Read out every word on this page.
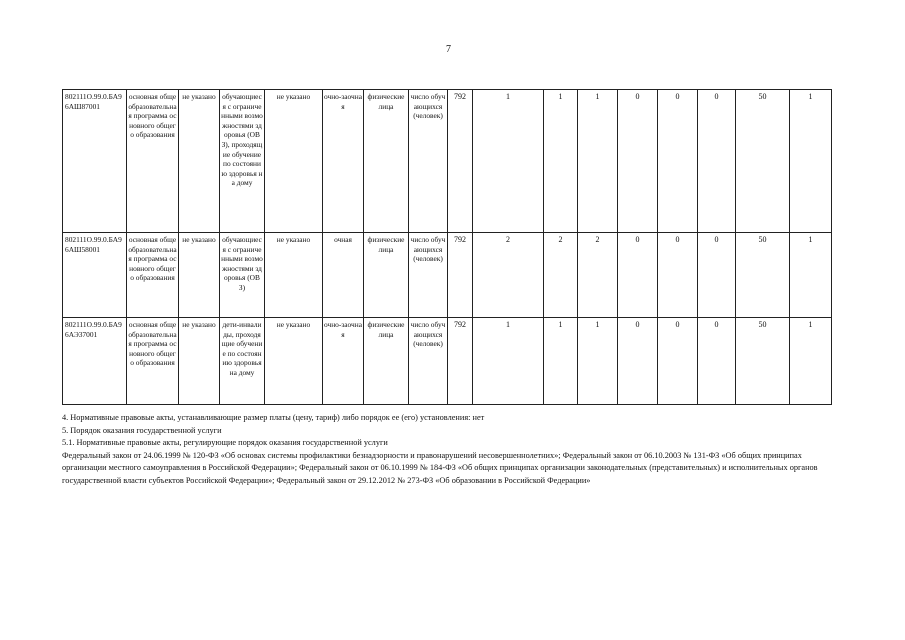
7
802111О.99.0.БА96АШ87001	основная общеобразовательная программа основного общего образования	не указано	обучающиеся с ограниченными возможностями здоровья (ОВЗ), проходящие обучение по состоянию здоровья на дому	не указано	очно-заочная	физические лица	число обучающихся (человек)	792	1	1	1	0	0	0	50	1
802111О.99.0.БА96АШ58001	основная общеобразовательная программа основного общего образования	не указано	обучающиеся с ограниченными возможностями здоровья (ОВЗ)	не указано	очная	физические лица	число обучающихся (человек)	792	2	2	2	0	0	0	50	1
802111О.99.0.БА96АЭ37001	основная общеобразовательная программа основного общего образования	не указано	дети-инвалиды, проходящие обучение по состоянию здоровья на дому	не указано	очно-заочная	физические лица	число обучающихся (человек)	792	1	1	1	0	0	0	50	1

4. Нормативные правовые акты, устанавливающие размер платы (цену, тариф) либо порядок ее (его) установления: нет

5. Порядок оказания государственной услуги

5.1. Нормативные правовые акты, регулирующие порядок оказания государственной услуги

Федеральный закон от 24.06.1999 № 120-ФЗ «Об основах системы профилактики безнадзорности и правонарушений несовершеннолетних»; Федеральный закон от 06.10.2003 № 131-ФЗ «Об общих принципах организации местного самоуправления в Российской Федерации»; Федеральный закон от 06.10.1999 № 184-ФЗ «Об общих принципах организации законодательных (представительных) и исполнительных органов государственной власти субъектов Российской Федерации»; Федеральный закон от 29.12.2012 № 273-ФЗ «Об образовании в Российской Федерации»
